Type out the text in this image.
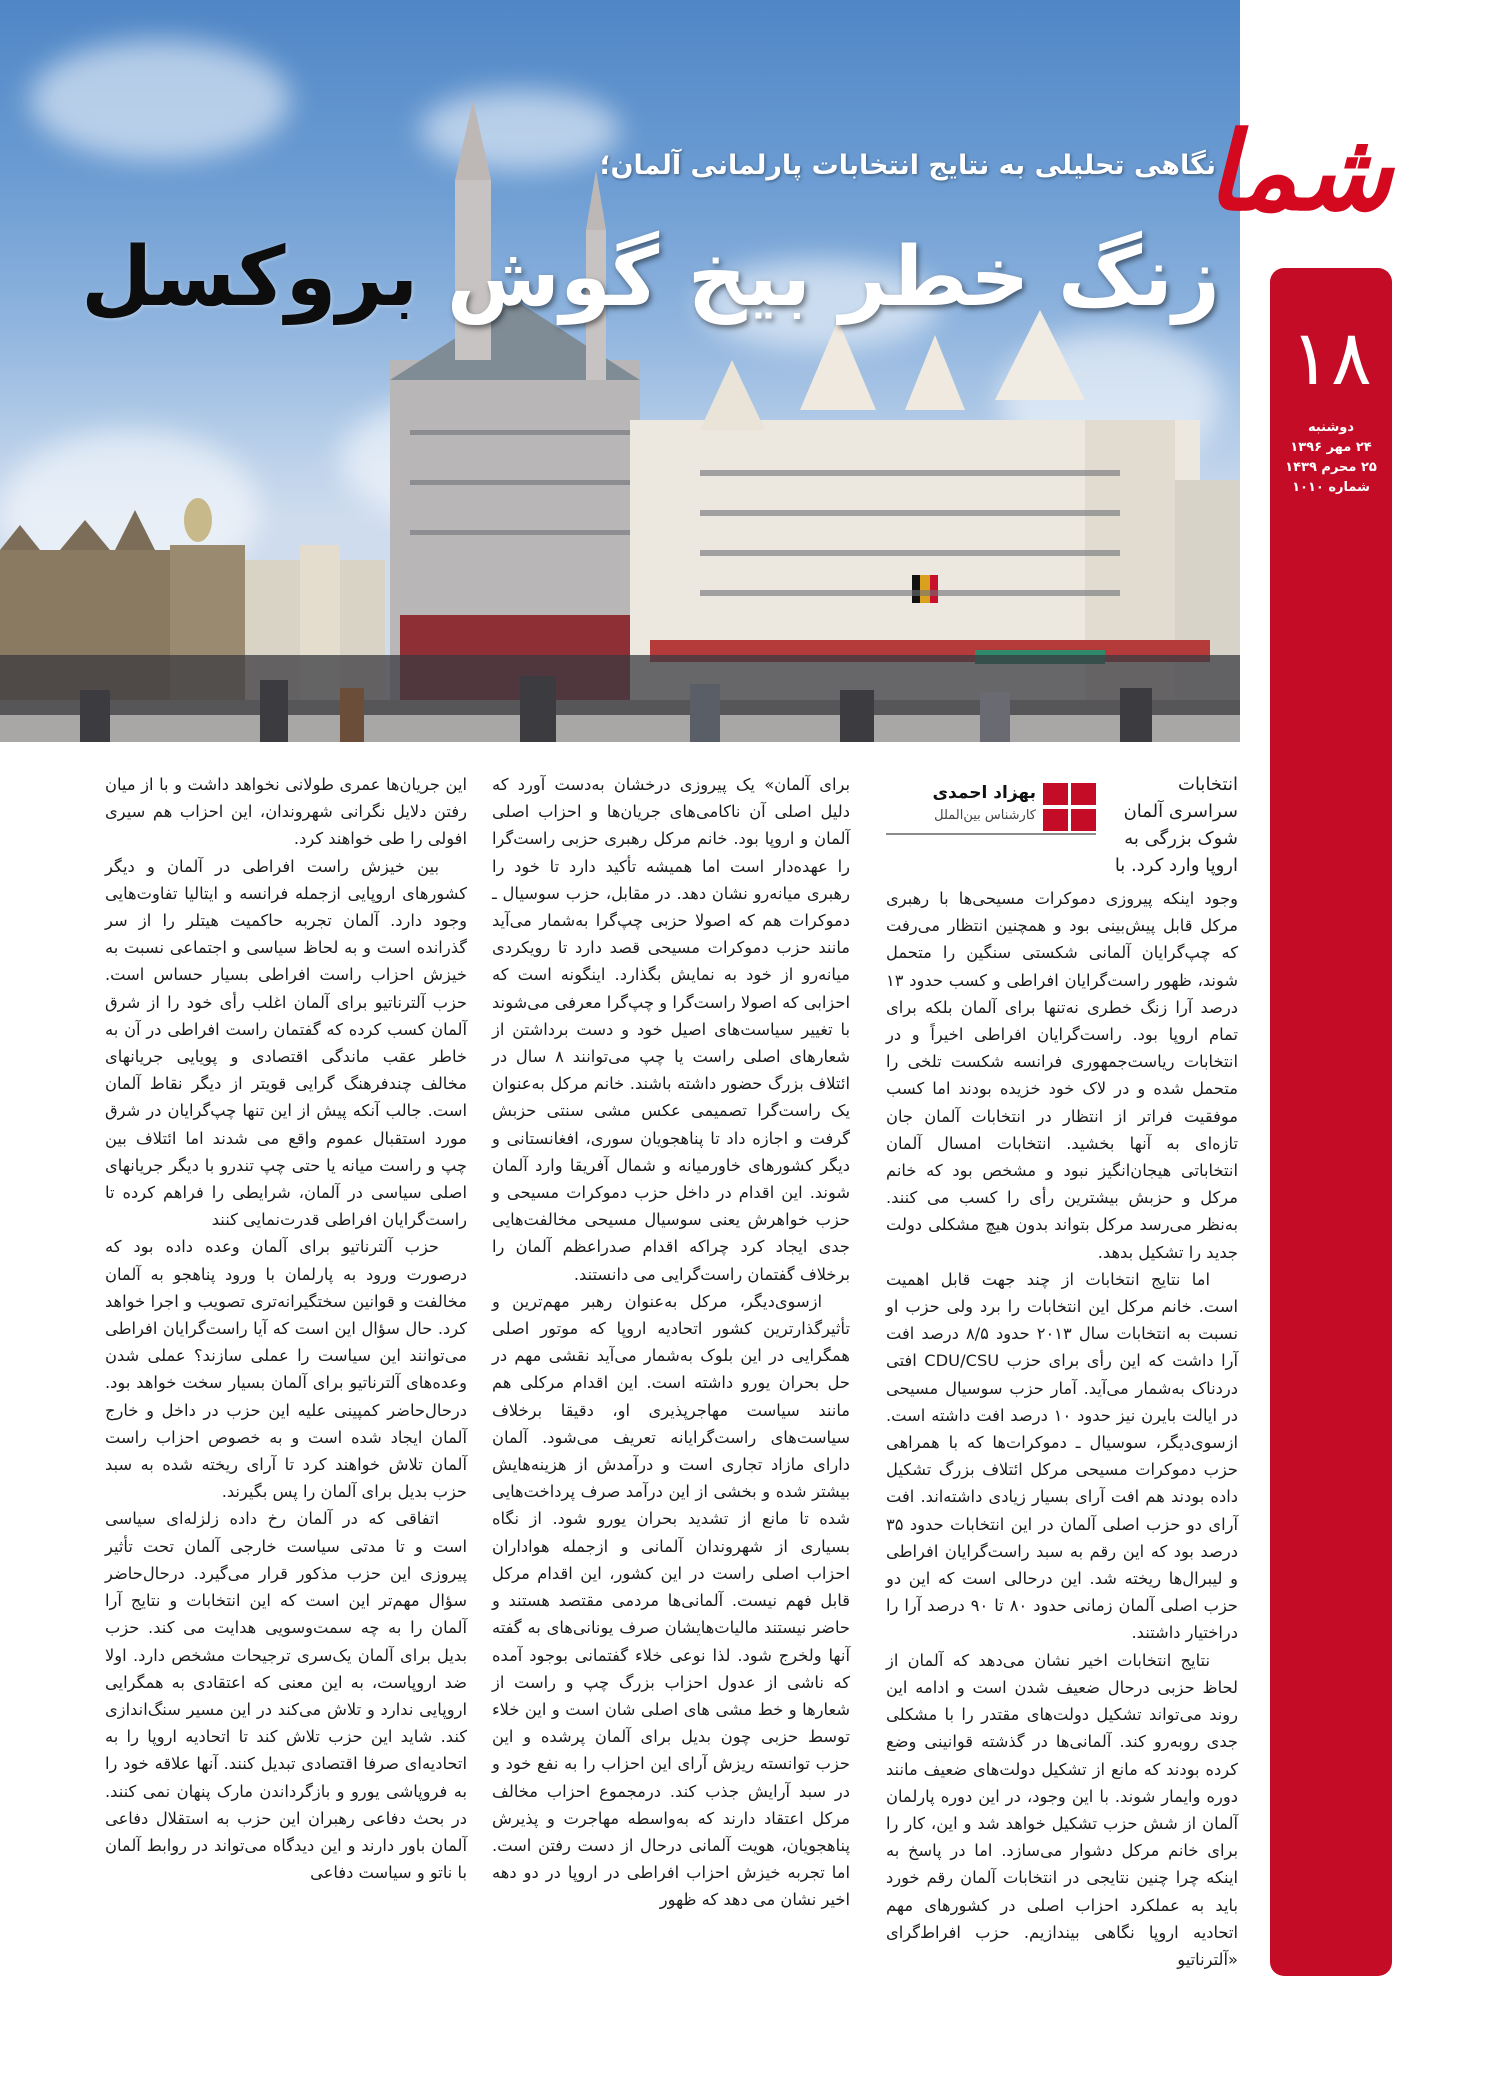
نگاهی تحلیلی به نتایج انتخابات پارلمانی آلمان؛
زنگ خطر بیخ گوش بروکسل
شما
۱۸
دوشنبه
۲۴ مهر ۱۳۹۶
۲۵ محرم ۱۴۳۹
شماره ۱۰۱۰
انتخابات سراسری آلمان شوک بزرگی به اروپا وارد کرد. با
بهزاد احمدی
کارشناس بین‌الملل

وجود اینکه پیروزی دموکرات مسیحی‌ها با رهبری مرکل قابل پیش‌بینی بود و همچنین انتظار می‌رفت که چپ‌گرایان آلمانی شکستی سنگین را متحمل شوند، ظهور راست‌گرایان افراطی و کسب حدود ۱۳ درصد آرا زنگ خطری نه‌تنها برای آلمان بلکه برای تمام اروپا بود. راست‌گرایان افراطی اخیراً و در انتخابات ریاست‌جمهوری فرانسه شکست تلخی را متحمل شده و در لاک خود خزیده بودند اما کسب موفقیت فراتر از انتظار در انتخابات آلمان جان تازه‌ای به آنها بخشید. انتخابات امسال آلمان انتخاباتی هیجان‌انگیز نبود و مشخص بود که خانم مرکل و حزبش بیشترین رأی را کسب می کنند. به‌نظر می‌رسد مرکل بتواند بدون هیچ مشکلی دولت جدید را تشکیل بدهد.

اما نتایج انتخابات از چند جهت قابل اهمیت است. خانم مرکل این انتخابات را برد ولی حزب او نسبت به انتخابات سال ۲۰۱۳ حدود ۸/۵ درصد افت آرا داشت که این رأی برای حزب CDU/CSU افتی دردناک به‌شمار می‌آید. آمار حزب سوسیال مسیحی در ایالت بایرن نیز حدود ۱۰ درصد افت داشته است. ازسوی‌دیگر، سوسیال ـ دموکرات‌ها که با همراهی حزب دموکرات مسیحی مرکل ائتلاف بزرگ تشکیل داده بودند هم افت آرای بسیار زیادی داشته‌اند. افت آرای دو حزب اصلی آلمان در این انتخابات حدود ۳۵ درصد بود که این رقم به سبد راست‌گرایان افراطی و لیبرال‌ها ریخته شد. این درحالی است که این دو حزب اصلی آلمان زمانی حدود ۸۰ تا ۹۰ درصد آرا را دراختیار داشتند.

نتایج انتخابات اخیر نشان می‌دهد که آلمان از لحاظ حزبی درحال ضعیف شدن است و ادامه این روند می‌تواند تشکیل دولت‌های مقتدر را با مشکلی جدی روبه‌رو کند. آلمانی‌ها در گذشته قوانینی وضع کرده بودند که مانع از تشکیل دولت‌های ضعیف مانند دوره وایمار شوند. با این وجود، در این دوره پارلمان آلمان از شش حزب تشکیل خواهد شد و این، کار را برای خانم مرکل دشوار می‌سازد. اما در پاسخ به اینکه چرا چنین نتایجی در انتخابات آلمان رقم خورد باید به عملکرد احزاب اصلی در کشورهای مهم اتحادیه اروپا نگاهی بیندازیم. حزب افراط‌گرای «آلترناتیو

برای آلمان» یک پیروزی درخشان به‌دست آورد که دلیل اصلی آن ناکامی‌های جریان‌ها و احزاب اصلی آلمان و اروپا بود. خانم مرکل رهبری حزبی راست‌گرا را عهده‌دار است اما همیشه تأکید دارد تا خود را رهبری میانه‌رو نشان دهد. در مقابل، حزب سوسیال ـ دموکرات هم که اصولا حزبی چپ‌گرا به‌شمار می‌آید مانند حزب دموکرات مسیحی قصد دارد تا رویکردی میانه‌رو از خود به نمایش بگذارد. اینگونه است که احزابی که اصولا راست‌گرا و چپ‌گرا معرفی می‌شوند با تغییر سیاست‌های اصیل خود و دست برداشتن از شعارهای اصلی راست یا چپ می‌توانند ۸ سال در ائتلاف بزرگ حضور داشته باشند. خانم مرکل به‌عنوان یک راست‌گرا تصمیمی عکس مشی سنتی حزبش گرفت و اجازه داد تا پناهجویان سوری، افغانستانی و دیگر کشورهای خاورمیانه و شمال آفریقا وارد آلمان شوند. این اقدام در داخل حزب دموکرات مسیحی و حزب خواهرش یعنی سوسیال مسیحی مخالفت‌هایی جدی ایجاد کرد چراکه اقدام صدراعظم آلمان را برخلاف گفتمان راست‌گرایی می دانستند.

ازسوی‌دیگر، مرکل به‌عنوان رهبر مهم‌ترین و تأثیرگذارترین کشور اتحادیه اروپا که موتور اصلی همگرایی در این بلوک به‌شمار می‌آید نقشی مهم در حل بحران یورو داشته است. این اقدام مرکلی هم مانند سیاست مهاجرپذیری او، دقیقا برخلاف سیاست‌های راست‌گرایانه تعریف می‌شود. آلمان دارای مازاد تجاری است و درآمدش از هزینه‌هایش بیشتر شده و بخشی از این درآمد صرف پرداخت‌هایی شده تا مانع از تشدید بحران یورو شود. از نگاه بسیاری از شهروندان آلمانی و ازجمله هواداران احزاب اصلی راست در این کشور، این اقدام مرکل قابل فهم نیست. آلمانی‌ها مردمی مقتصد هستند و حاضر نیستند مالیات‌هایشان صرف یونانی‌های به گفته آنها ولخرج شود. لذا نوعی خلاء گفتمانی بوجود آمده که ناشی از عدول احزاب بزرگ چپ و راست از شعارها و خط مشی های اصلی شان است و این خلاء توسط حزبی چون بدیل برای آلمان پرشده و این حزب توانسته ریزش آرای این احزاب را به نفع خود و در سبد آرایش جذب کند. درمجموع احزاب مخالف مرکل اعتقاد دارند که به‌واسطه مهاجرت و پذیرش پناهجویان، هویت آلمانی درحال از دست رفتن است. اما تجربه خیزش احزاب افراطی در اروپا در دو دهه اخیر نشان می دهد که ظهور

این جریان‌ها عمری طولانی نخواهد داشت و با از میان رفتن دلایل نگرانی شهروندان، این احزاب هم سیری افولی را طی خواهند کرد.

بین خیزش راست افراطی در آلمان و دیگر کشورهای اروپایی ازجمله فرانسه و ایتالیا تفاوت‌هایی وجود دارد. آلمان تجربه حاکمیت هیتلر را از سر گذرانده است و به لحاظ سیاسی و اجتماعی نسبت به خیزش احزاب راست افراطی بسیار حساس است. حزب آلترناتیو برای آلمان اغلب رأی خود را از شرق آلمان کسب کرده که گفتمان راست افراطی در آن به خاطر عقب ماندگی اقتصادی و پویایی جریانهای مخالف چندفرهنگ گرایی قویتر از دیگر نقاط آلمان است. جالب آنکه پیش از این تنها چپ‌گرایان در شرق مورد استقبال عموم واقع می شدند اما ائتلاف بین چپ و راست میانه یا حتی چپ تندرو با دیگر جریانهای اصلی سیاسی در آلمان، شرایطی را فراهم کرده تا راست‌گرایان افراطی قدرت‌نمایی کنند

حزب آلترناتیو برای آلمان وعده داده بود که درصورت ورود به پارلمان با ورود پناهجو به آلمان مخالفت و قوانین سختگیرانه‌تری تصویب و اجرا خواهد کرد. حال سؤال این است که آیا راست‌گرایان افراطی می‌توانند این سیاست را عملی سازند؟ عملی شدن وعده‌های آلترناتیو برای آلمان بسیار سخت خواهد بود. درحال‌حاضر کمپینی علیه این حزب در داخل و خارج آلمان ایجاد شده است و به خصوص احزاب راست آلمان تلاش خواهند کرد تا آرای ریخته شده به سبد حزب بدیل برای آلمان را پس بگیرند.

اتفاقی که در آلمان رخ داده زلزله‌ای سیاسی است و تا مدتی سیاست خارجی آلمان تحت تأثیر پیروزی این حزب مذکور قرار می‌گیرد. درحال‌حاضر سؤال مهم‌تر این است که این انتخابات و نتایج آرا آلمان را به چه سمت‌وسویی هدایت می کند. حزب بدیل برای آلمان یک‌سری ترجیحات مشخص دارد. اولا ضد اروپاست، به این معنی که اعتقادی به همگرایی اروپایی ندارد و تلاش می‌کند در این مسیر سنگ‌اندازی کند. شاید این حزب تلاش کند تا اتحادیه اروپا را به اتحادیه‌ای صرفا اقتصادی تبدیل کنند. آنها علاقه خود را به فروپاشی یورو و بازگرداندن مارک پنهان نمی کنند. در بحث دفاعی رهبران این حزب به استقلال دفاعی آلمان باور دارند و این دیدگاه می‌تواند در روابط آلمان با ناتو و سیاست دفاعی
